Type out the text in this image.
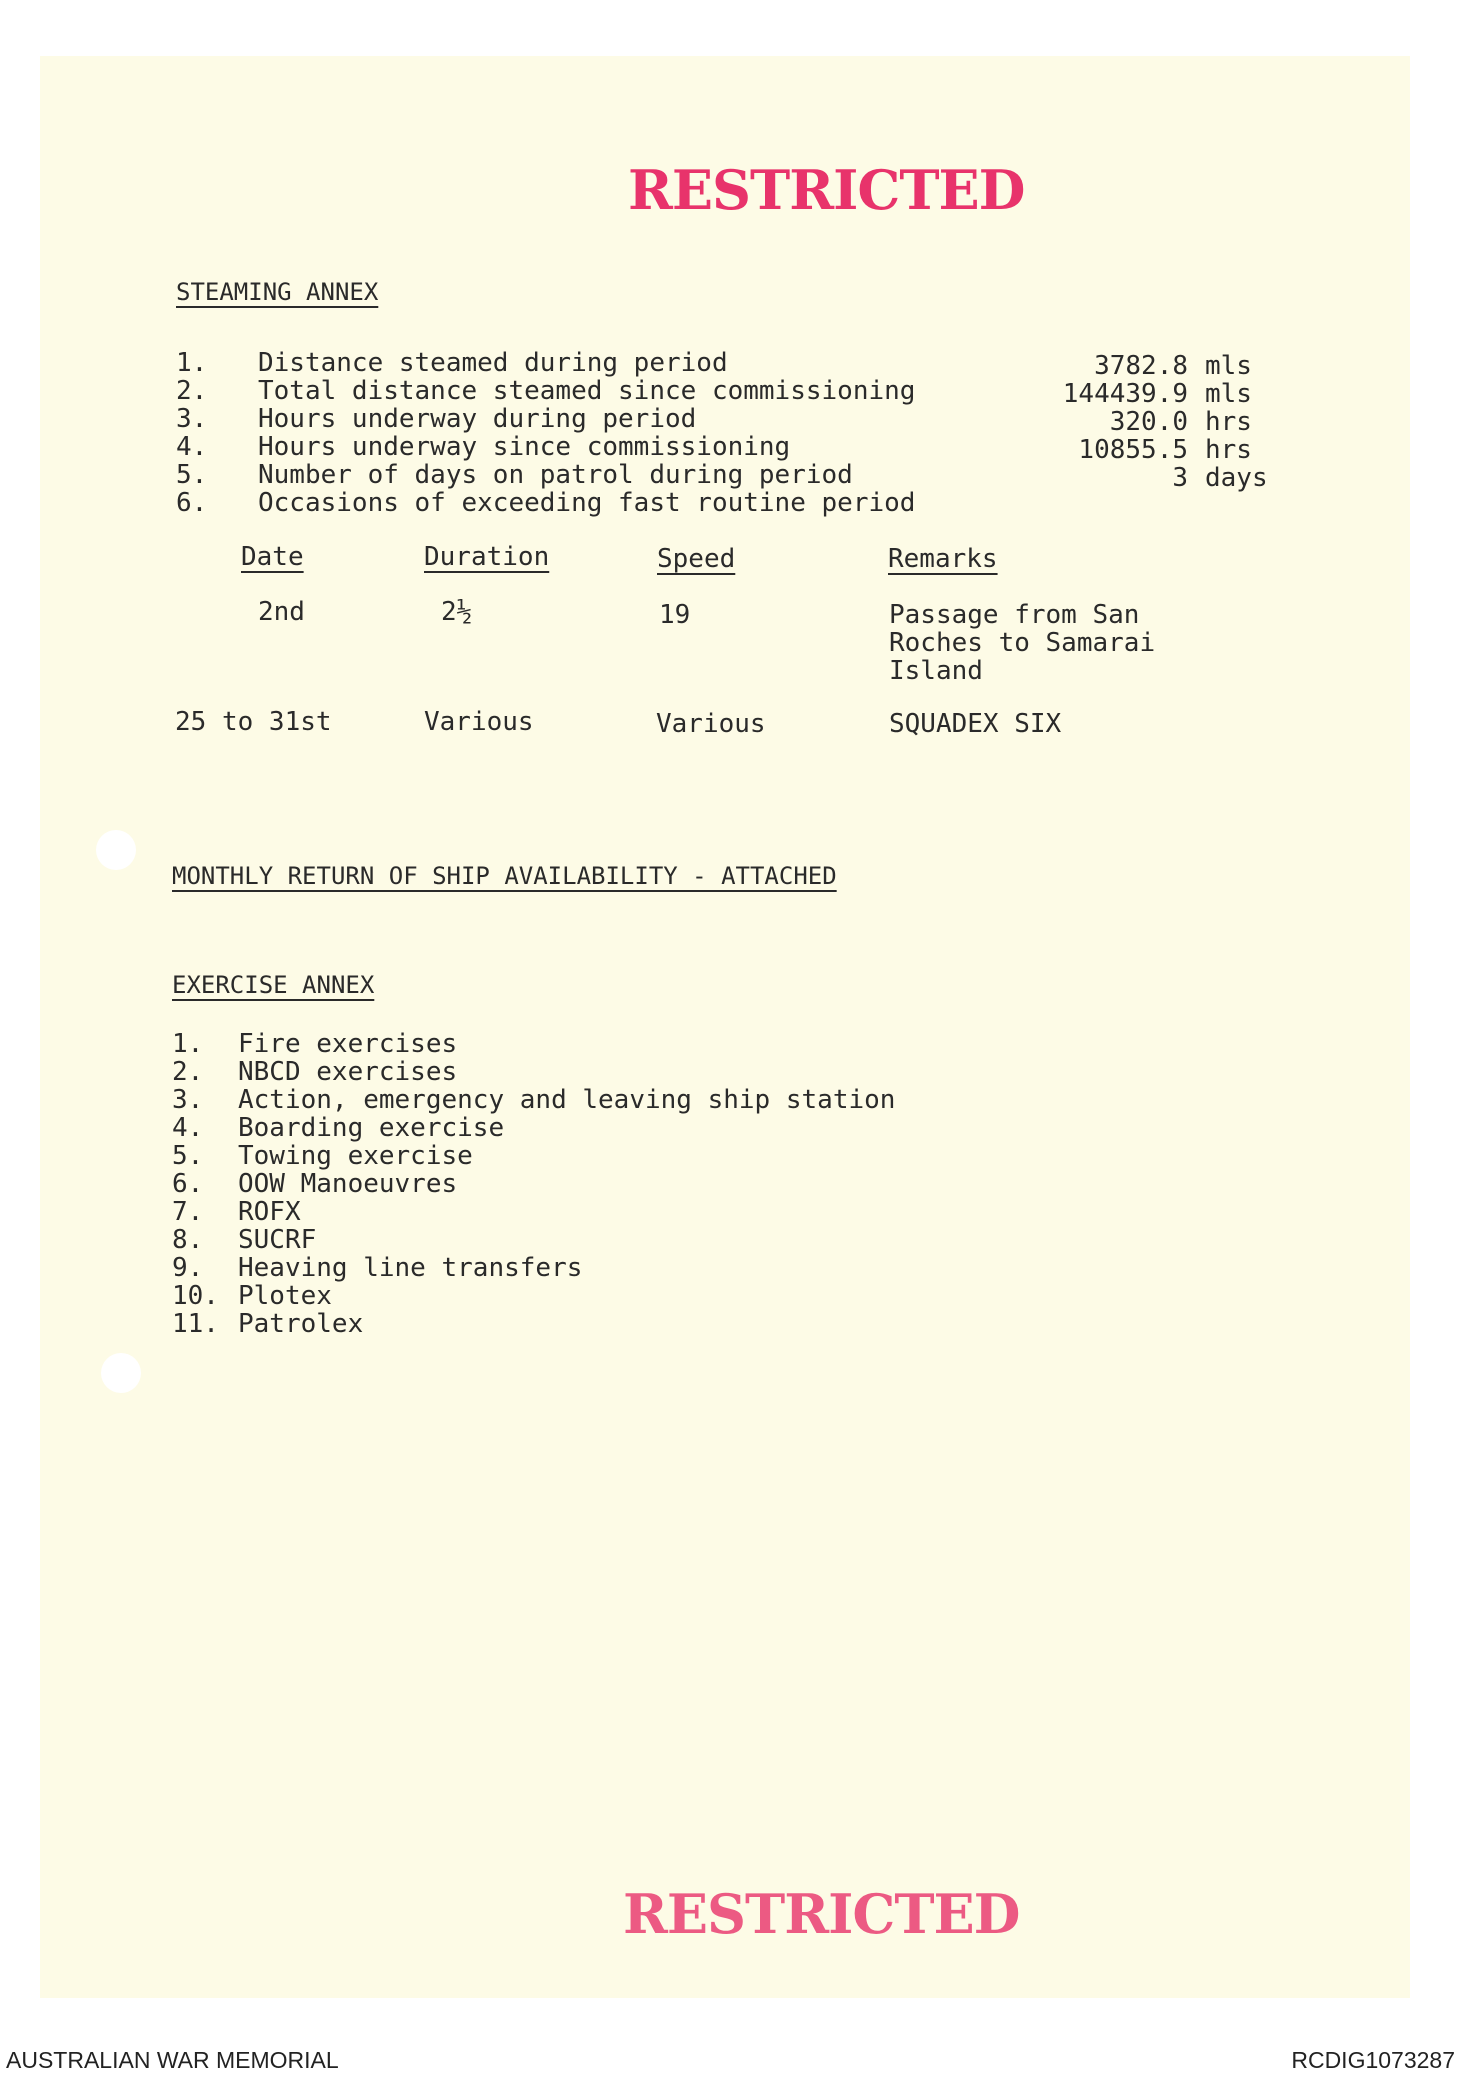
RESTRICTED
STEAMING ANNEX
1. Distance steamed during period	3782.8 mls
2. Total distance steamed since commissioning	144439.9 mls
3. Hours underway during period	320.0 hrs
4. Hours underway since commissioning	10855.5 hrs
5. Number of days on patrol during period	3 days
6. Occasions of exceeding fast routine period
Date	Duration	Speed	Remarks
2nd	2½	19	Passage from San
Roches to Samarai
Island
25 to 31st	Various	Various	SQUADEX SIX
MONTHLY RETURN OF SHIP AVAILABILITY - ATTACHED
EXERCISE ANNEX
1. Fire exercises
2. NBCD exercises
3. Action, emergency and leaving ship station
4. Boarding exercise
5. Towing exercise
6. OOW Manoeuvres
7. ROFX
8. SUCRF
9. Heaving line transfers
10. Plotex
11. Patrolex
RESTRICTED
AUSTRALIAN WAR MEMORIAL	RCDIG1073287
